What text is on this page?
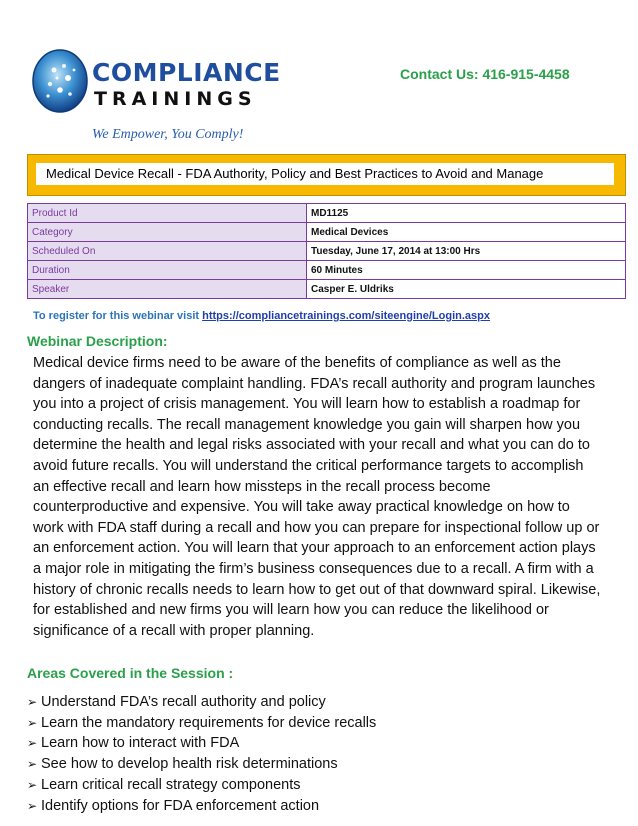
COMPLIANCE
TRAININGS
We Empower, You Comply!
Contact Us: 416-915-4458
Medical Device Recall - FDA Authority, Policy and Best Practices to Avoid and Manage
Product Id	MD1125
Category	Medical Devices
Scheduled On	Tuesday, June 17, 2014 at 13:00 Hrs
Duration	60 Minutes
Speaker	Casper E. Uldriks
To register for this webinar visit https://compliancetrainings.com/siteengine/Login.aspx
Webinar Description:
Medical device firms need to be aware of the benefits of compliance as well as the dangers of inadequate complaint handling. FDA’s recall authority and program launches you into a project of crisis management. You will learn how to establish a roadmap for conducting recalls. The recall management knowledge you gain will sharpen how you determine the health and legal risks associated with your recall and what you can do to avoid future recalls. You will understand the critical performance targets to accomplish an effective recall and learn how missteps in the recall process become counterproductive and expensive. You will take away practical knowledge on how to work with FDA staff during a recall and how you can prepare for inspectional follow up or an enforcement action. You will learn that your approach to an enforcement action plays a major role in mitigating the firm’s business consequences due to a recall. A firm with a history of chronic recalls needs to learn how to get out of that downward spiral. Likewise, for established and new firms you will learn how you can reduce the likelihood or significance of a recall with proper planning.
Areas Covered in the Session :
➢ Understand FDA’s recall authority and policy
➢ Learn the mandatory requirements for device recalls
➢ Learn how to interact with FDA
➢ See how to develop health risk determinations
➢ Learn critical recall strategy components
➢ Identify options for FDA enforcement action
